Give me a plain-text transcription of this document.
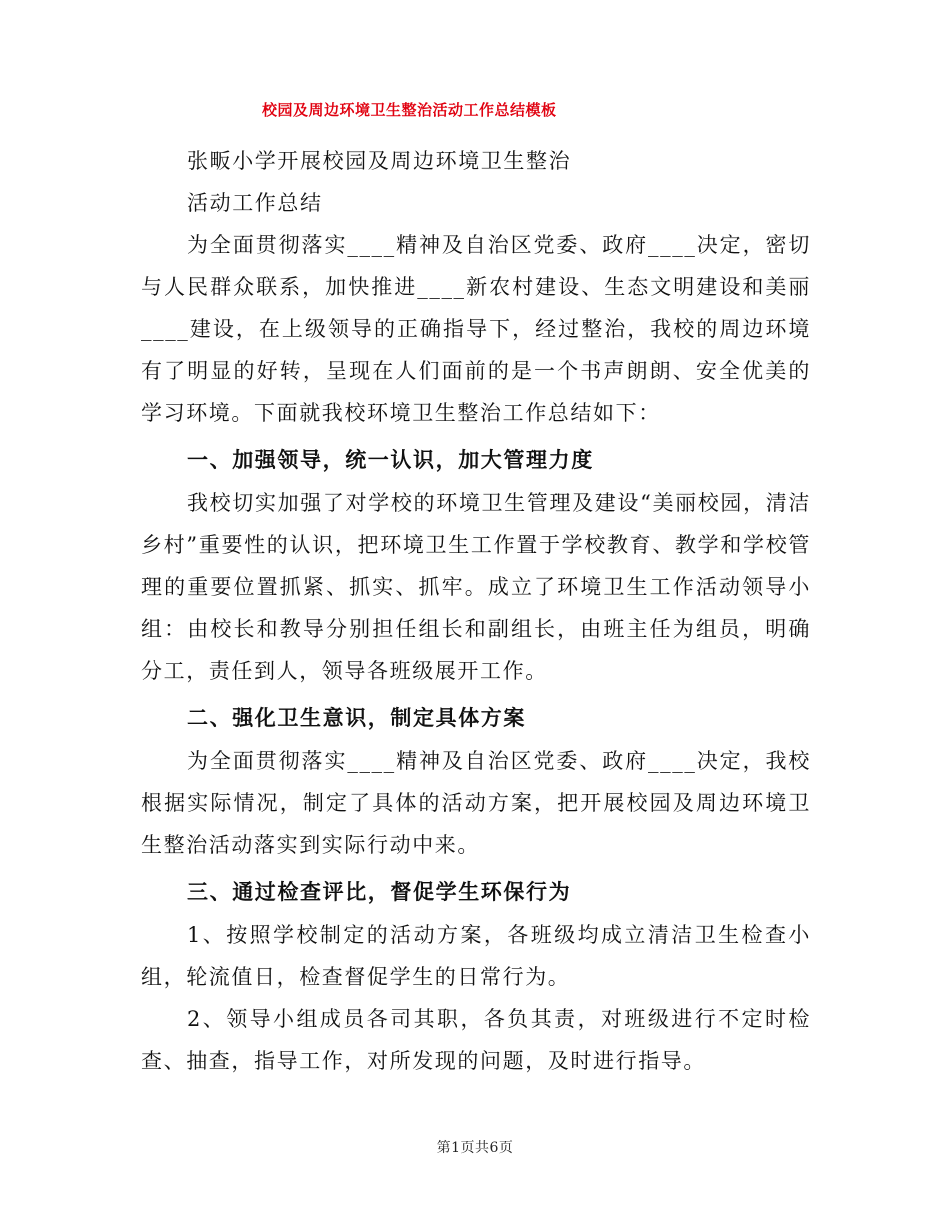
校园及周边环境卫生整治活动工作总结模板

张畈小学开展校园及周边环境卫生整治

活动工作总结

为全面贯彻落实____精神及自治区党委、政府____决定，密切与人民群众联系，加快推进____新农村建设、生态文明建设和美丽____建设，在上级领导的正确指导下，经过整治，我校的周边环境有了明显的好转，呈现在人们面前的是一个书声朗朗、安全优美的学习环境。下面就我校环境卫生整治工作总结如下：

一、加强领导，统一认识，加大管理力度

我校切实加强了对学校的环境卫生管理及建设“美丽校园，清洁乡村”重要性的认识，把环境卫生工作置于学校教育、教学和学校管理的重要位置抓紧、抓实、抓牢。成立了环境卫生工作活动领导小组：由校长和教导分别担任组长和副组长，由班主任为组员，明确分工，责任到人，领导各班级展开工作。

二、强化卫生意识，制定具体方案

为全面贯彻落实____精神及自治区党委、政府____决定，我校根据实际情况，制定了具体的活动方案，把开展校园及周边环境卫生整治活动落实到实际行动中来。

三、通过检查评比，督促学生环保行为

1、按照学校制定的活动方案，各班级均成立清洁卫生检查小组，轮流值日，检查督促学生的日常行为。

2、领导小组成员各司其职，各负其责，对班级进行不定时检查、抽查，指导工作，对所发现的问题，及时进行指导。

第1页共6页
